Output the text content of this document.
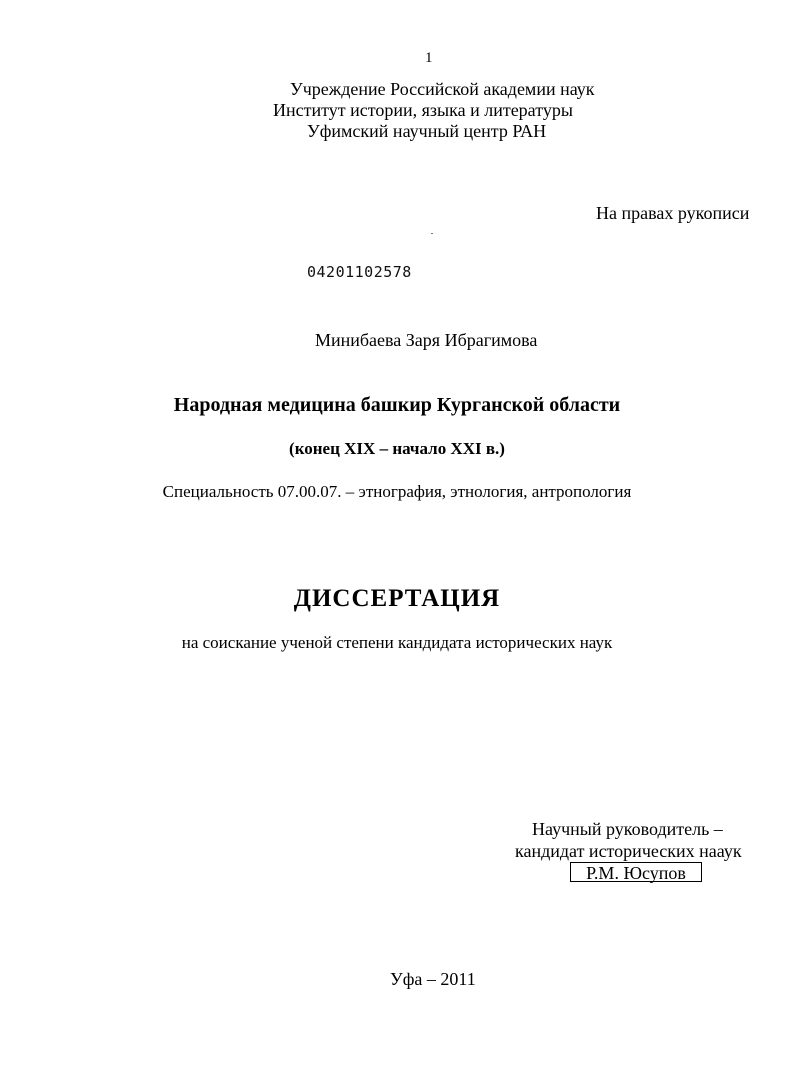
1
Учреждение Российской академии наук
Институт истории, языка и литературы
Уфимский научный центр РАН
На правах рукописи
04201102578
Минибаева Заря Ибрагимова
Народная медицина башкир Курганской области
(конец XIX – начало XXI в.)
Специальность 07.00.07. – этнография, этнология, антропология
ДИССЕРТАЦИЯ
на соискание ученой степени кандидата исторических наук
Научный руководитель –
кандидат исторических нааук
Р.М. Юсупов
Уфа – 2011
